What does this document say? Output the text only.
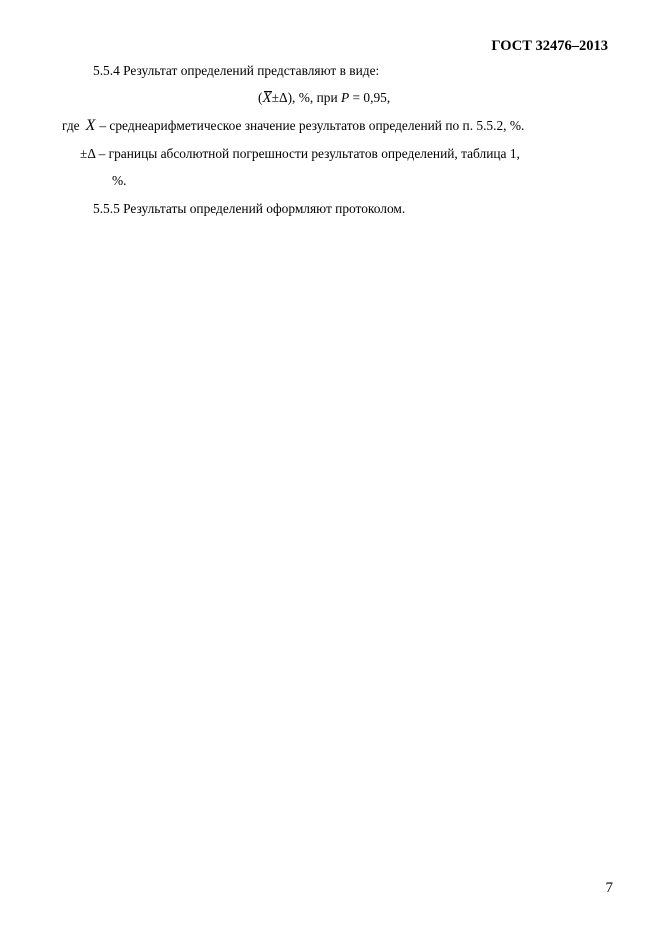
ГОСТ 32476–2013
5.5.4 Результат определений представляют в виде:
(X±Δ), %, при P = 0,95,
где X – среднеарифметическое значение результатов определений по п. 5.5.2, %.
±Δ – границы абсолютной погрешности результатов определений, таблица 1,
%.
5.5.5 Результаты определений оформляют протоколом.
7
